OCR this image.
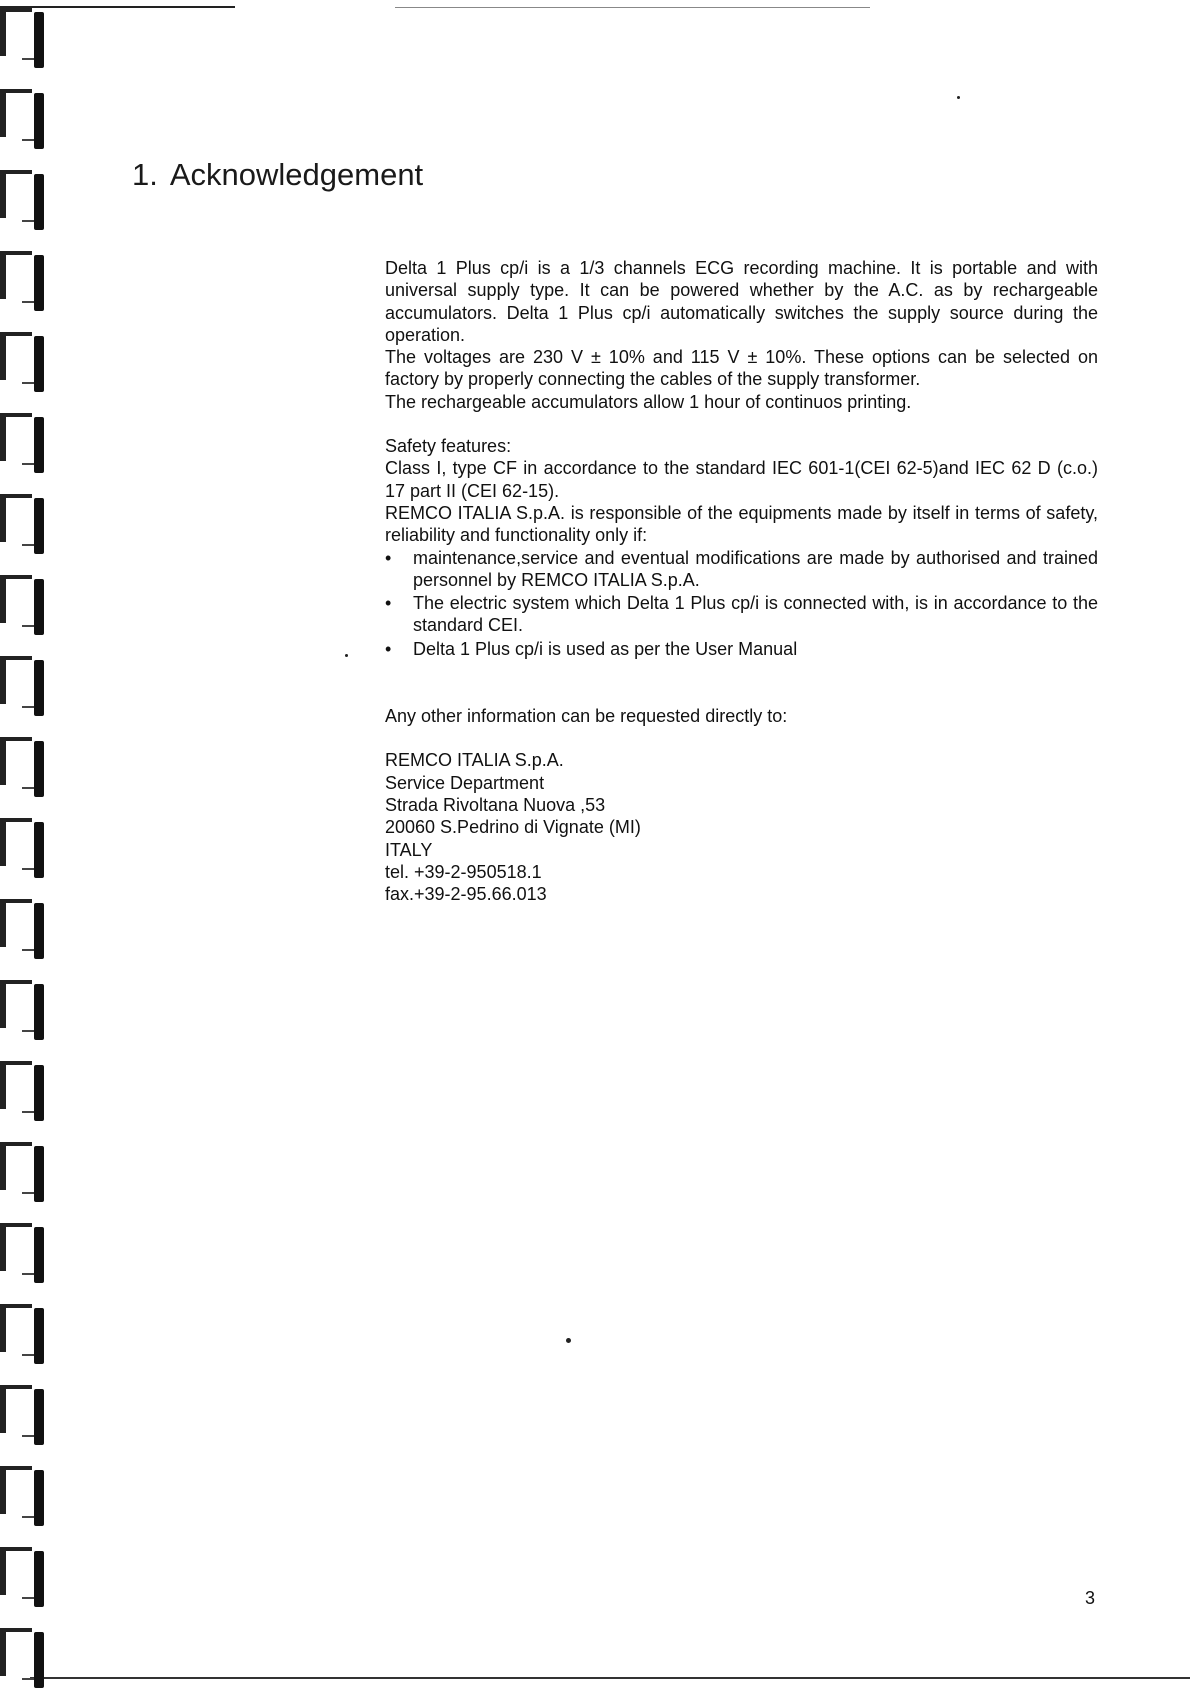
1. Acknowledgement

Delta 1 Plus cp/i is a 1/3 channels ECG recording machine. It is portable and with universal supply type. It can be powered whether by the A.C. as by rechargeable accumulators. Delta 1 Plus cp/i automatically switches the supply source during the operation.

The voltages are 230 V ± 10% and 115 V ± 10%. These options can be selected on factory by properly connecting the cables of the supply transformer.

The rechargeable accumulators allow 1 hour of continuos printing.

Safety features:

Class I, type CF in accordance to the standard IEC 601-1(CEI 62-5)and IEC 62 D (c.o.) 17 part II (CEI 62-15).

REMCO ITALIA S.p.A. is responsible of the equipments made by itself in terms of safety, reliability and functionality only if:

• maintenance,service and eventual modifications are made by authorised and trained personnel by REMCO ITALIA S.p.A.
• The electric system which Delta 1 Plus cp/i is connected with, is in accordance to the standard CEI.
• Delta 1 Plus cp/i is used as per the User Manual

Any other information can be requested directly to:

REMCO ITALIA S.p.A.

Service Department

Strada Rivoltana Nuova ,53

20060 S.Pedrino di Vignate (MI)

ITALY

tel. +39-2-950518.1

fax.+39-2-95.66.013

3
